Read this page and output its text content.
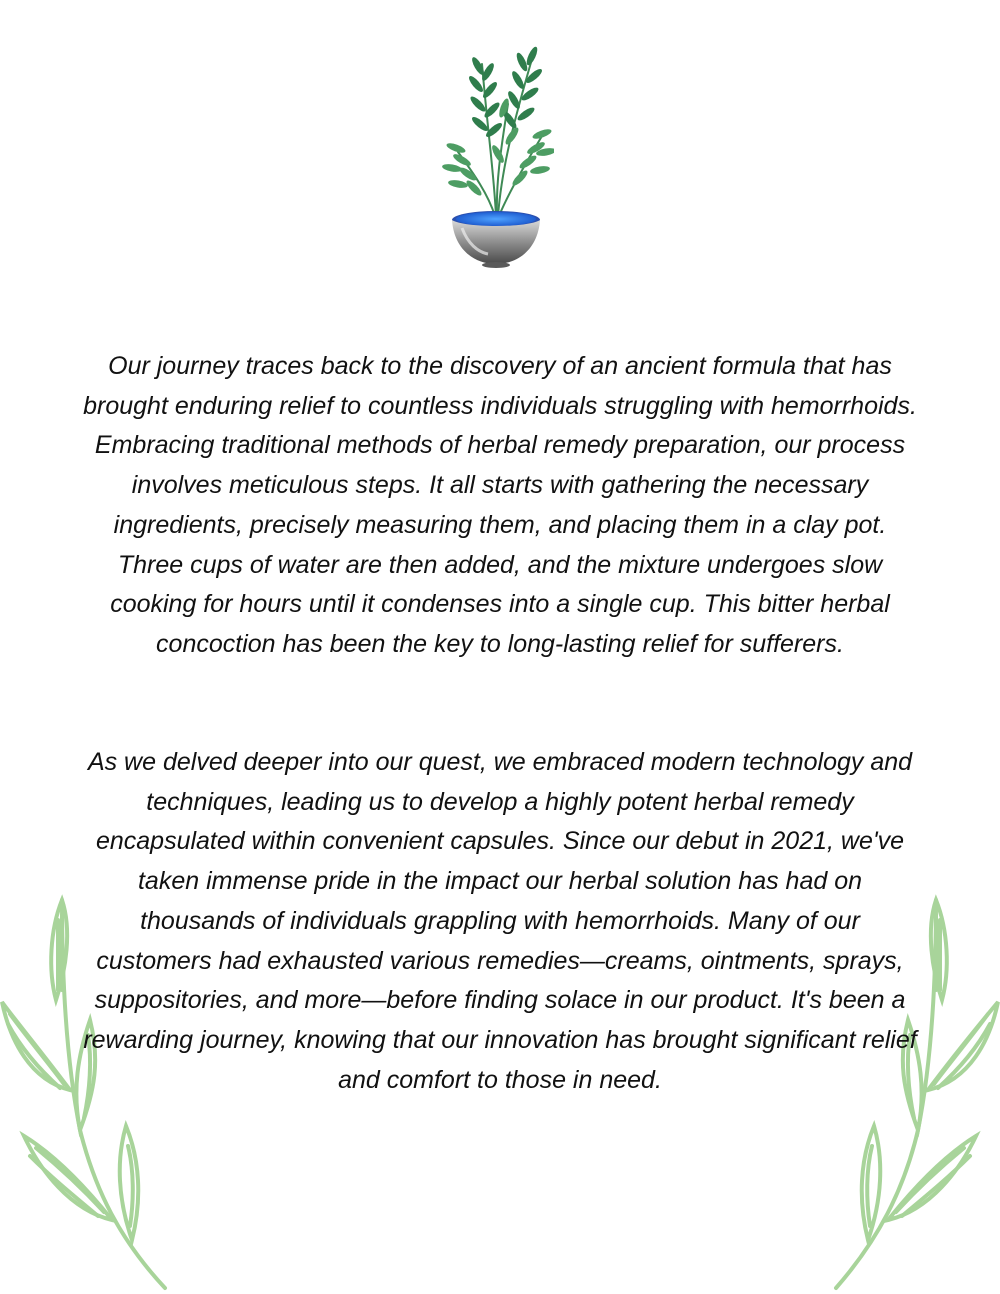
Our journey traces back to the discovery of an ancient formula that has brought enduring relief to countless individuals struggling with hemorrhoids. Embracing traditional methods of herbal remedy preparation, our process involves meticulous steps. It all starts with gathering the necessary ingredients, precisely measuring them, and placing them in a clay pot. Three cups of water are then added, and the mixture undergoes slow cooking for hours until it condenses into a single cup. This bitter herbal concoction has been the key to long-lasting relief for sufferers.

As we delved deeper into our quest, we embraced modern technology and techniques, leading us to develop a highly potent herbal remedy encapsulated within convenient capsules. Since our debut in 2021, we've taken immense pride in the impact our herbal solution has had on thousands of individuals grappling with hemorrhoids. Many of our customers had exhausted various remedies—creams, ointments, sprays, suppositories, and more—before finding solace in our product. It's been a rewarding journey, knowing that our innovation has brought significant relief and comfort to those in need.
